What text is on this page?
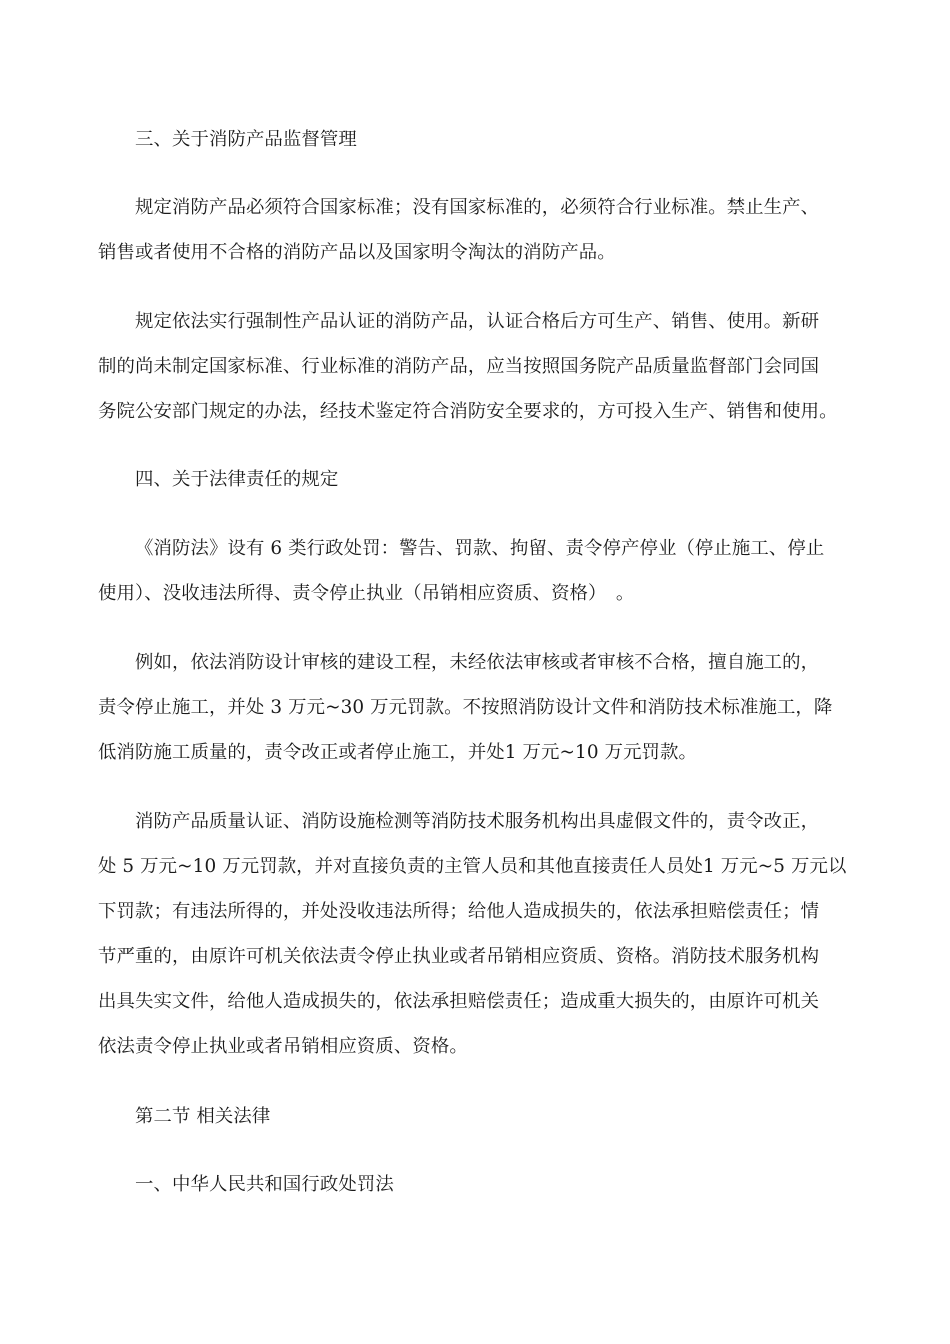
三、关于消防产品监督管理
规定消防产品必须符合国家标准；没有国家标准的，必须符合行业标准。禁止生产、
销售或者使用不合格的消防产品以及国家明令淘汰的消防产品。
规定依法实行强制性产品认证的消防产品，认证合格后方可生产、销售、使用。新研
制的尚未制定国家标准、行业标准的消防产品，应当按照国务院产品质量监督部门会同国
务院公安部门规定的办法，经技术鉴定符合消防安全要求的，方可投入生产、销售和使用。
四、关于法律责任的规定
《消防法》设有 6 类行政处罚：警告、罚款、拘留、责令停产停业（停止施工、停止
使用）、没收违法所得、责令停止执业（吊销相应资质、资格）　。
例如，依法消防设计审核的建设工程，未经依法审核或者审核不合格，擅自施工的，
责令停止施工，并处 3 万元~30 万元罚款。不按照消防设计文件和消防技术标准施工，降
低消防施工质量的，责令改正或者停止施工，并处1 万元~10 万元罚款。
消防产品质量认证、消防设施检测等消防技术服务机构出具虚假文件的，责令改正，
处 5 万元~10 万元罚款，并对直接负责的主管人员和其他直接责任人员处1 万元~5 万元以
下罚款；有违法所得的，并处没收违法所得；给他人造成损失的，依法承担赔偿责任；情
节严重的，由原许可机关依法责令停止执业或者吊销相应资质、资格。消防技术服务机构
出具失实文件，给他人造成损失的，依法承担赔偿责任；造成重大损失的，由原许可机关
依法责令停止执业或者吊销相应资质、资格。
第二节 相关法律
一、中华人民共和国行政处罚法
